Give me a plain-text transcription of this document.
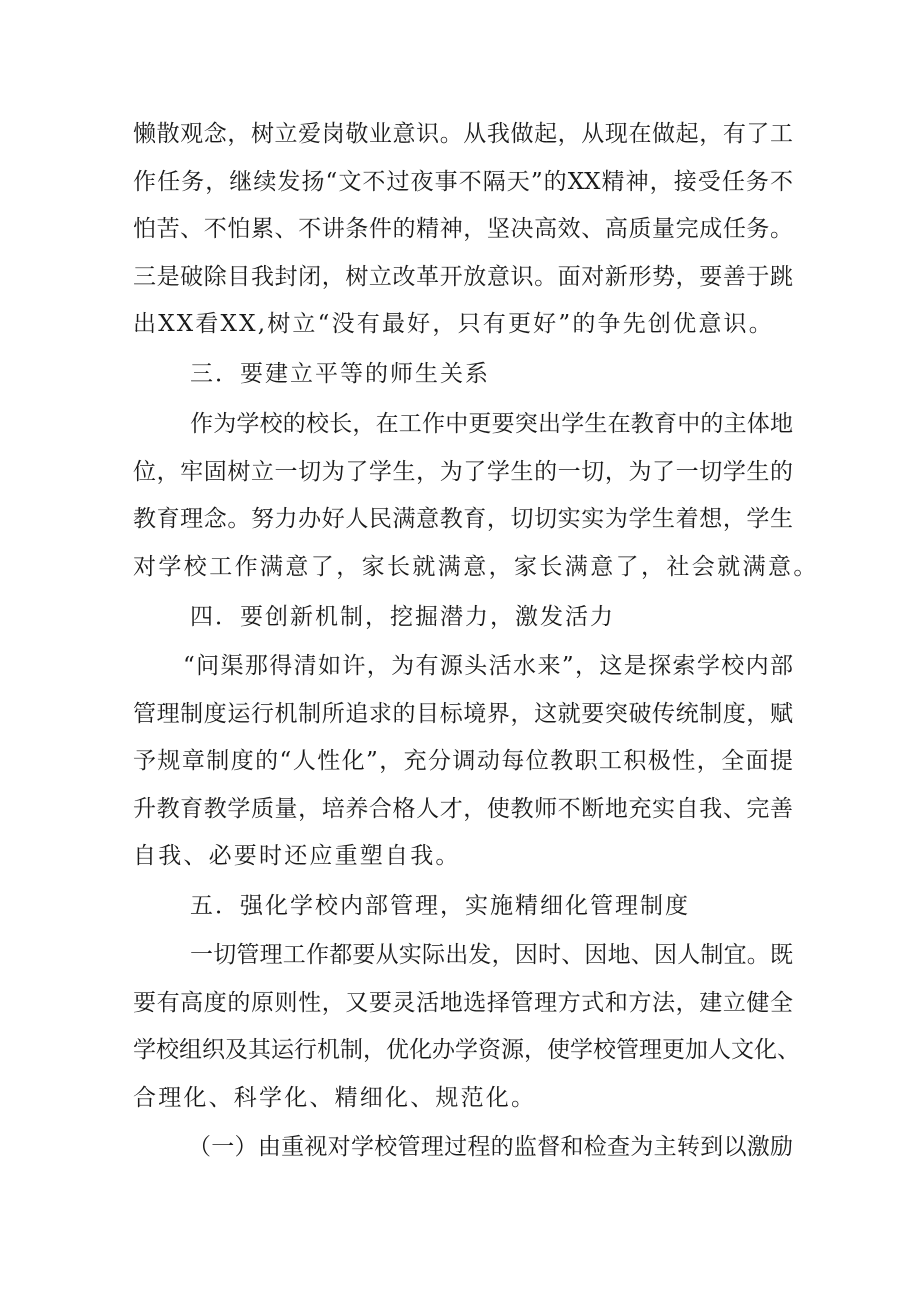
懒散观念，树立爱岗敬业意识。从我做起，从现在做起，有了工
作任务，继续发扬“文不过夜事不隔天”的XX精神，接受任务不
怕苦、不怕累、不讲条件的精神，坚决高效、高质量完成任务。
三是破除目我封闭，树立改革开放意识。面对新形势，要善于跳
出XX看XX,树立“没有最好，只有更好”的争先创优意识。
三．要建立平等的师生关系
作为学校的校长，在工作中更要突出学生在教育中的主体地
位，牢固树立一切为了学生，为了学生的一切，为了一切学生的
教育理念。努力办好人民满意教育，切切实实为学生着想，学生
对学校工作满意了，家长就满意，家长满意了，社会就满意。
四．要创新机制，挖掘潜力，激发活力
“问渠那得清如许，为有源头活水来”，这是探索学校内部
管理制度运行机制所追求的目标境界，这就要突破传统制度，赋
予规章制度的“人性化”，充分调动每位教职工积极性，全面提
升教育教学质量，培养合格人才，使教师不断地充实自我、完善
自我、必要时还应重塑自我。
五．强化学校内部管理，实施精细化管理制度
一切管理工作都要从实际出发，因时、因地、因人制宜。既
要有高度的原则性，又要灵活地选择管理方式和方法，建立健全
学校组织及其运行机制，优化办学资源，使学校管理更加人文化、
合理化、科学化、精细化、规范化。
（一）由重视对学校管理过程的监督和检查为主转到以激励
